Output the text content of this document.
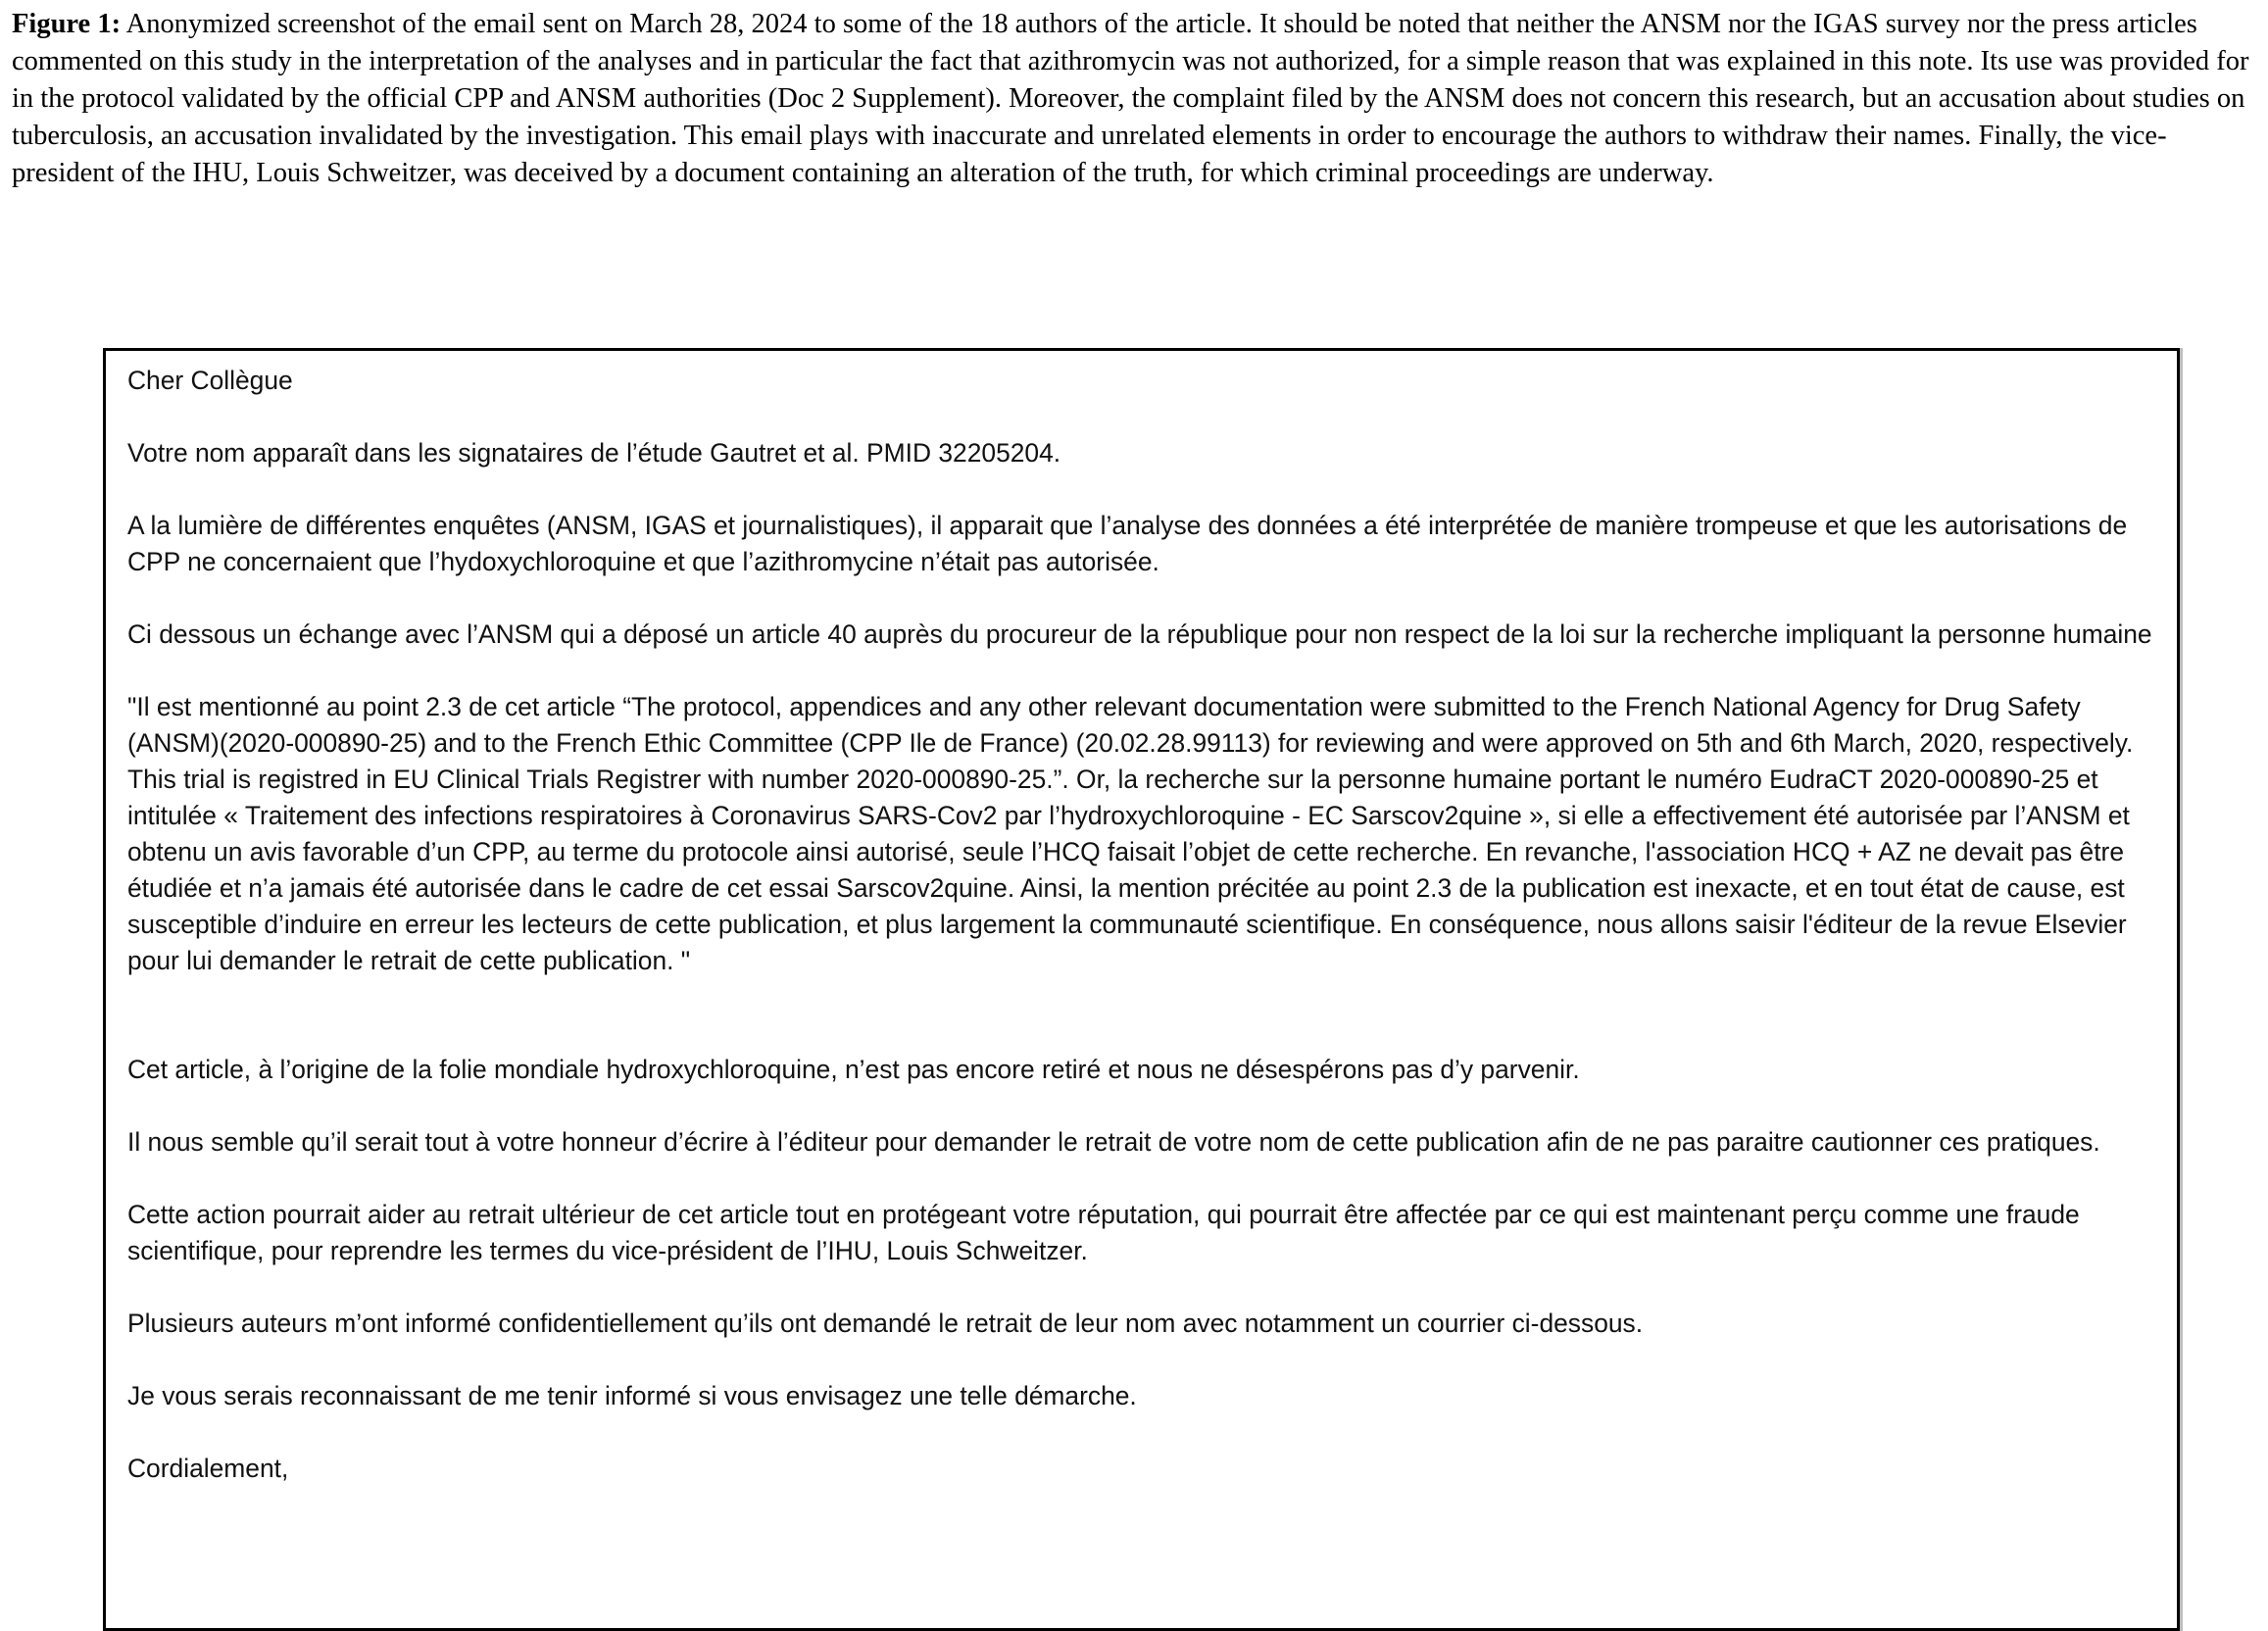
Figure 1: Anonymized screenshot of the email sent on March 28, 2024 to some of the 18 authors of the article. It should be noted that neither the ANSM nor the IGAS survey nor the press articles commented on this study in the interpretation of the analyses and in particular the fact that azithromycin was not authorized, for a simple reason that was explained in this note. Its use was provided for in the protocol validated by the official CPP and ANSM authorities (Doc 2 Supplement). Moreover, the complaint filed by the ANSM does not concern this research, but an accusation about studies on tuberculosis, an accusation invalidated by the investigation. This email plays with inaccurate and unrelated elements in order to encourage the authors to withdraw their names. Finally, the vice-president of the IHU, Louis Schweitzer, was deceived by a document containing an alteration of the truth, for which criminal proceedings are underway.

Cher Collègue

Votre nom apparaît dans les signataires de l’étude Gautret et al. PMID 32205204.

A la lumière de différentes enquêtes (ANSM, IGAS et journalistiques), il apparait que l’analyse des données a été interprétée de manière trompeuse et que les autorisations de CPP ne concernaient que l’hydoxychloroquine et que l’azithromycine n’était pas autorisée.

Ci dessous un échange avec l’ANSM qui a déposé un article 40 auprès du procureur de la république pour non respect de la loi sur la recherche impliquant la personne humaine

"Il est mentionné au point 2.3 de cet article “The protocol, appendices and any other relevant documentation were submitted to the French National Agency for Drug Safety (ANSM)(2020-000890-25) and to the French Ethic Committee (CPP Ile de France) (20.02.28.99113) for reviewing and were approved on 5th and 6th March, 2020, respectively. This trial is registred in EU Clinical Trials Registrer with number 2020-000890-25.”. Or, la recherche sur la personne humaine portant le numéro EudraCT 2020-000890-25 et intitulée « Traitement des infections respiratoires à Coronavirus SARS-Cov2 par l’hydroxychloroquine - EC Sarscov2quine », si elle a effectivement été autorisée par l’ANSM et obtenu un avis favorable d’un CPP, au terme du protocole ainsi autorisé, seule l’HCQ faisait l’objet de cette recherche. En revanche, l'association HCQ + AZ ne devait pas être étudiée et n’a jamais été autorisée dans le cadre de cet essai Sarscov2quine. Ainsi, la mention précitée au point 2.3 de la publication est inexacte, et en tout état de cause, est susceptible d’induire en erreur les lecteurs de cette publication, et plus largement la communauté scientifique. En conséquence, nous allons saisir l'éditeur de la revue Elsevier pour lui demander le retrait de cette publication. "

Cet article, à l’origine de la folie mondiale hydroxychloroquine, n’est pas encore retiré et nous ne désespérons pas d’y parvenir.

Il nous semble qu’il serait tout à votre honneur d’écrire à l’éditeur pour demander le retrait de votre nom de cette publication afin de ne pas paraitre cautionner ces pratiques.

Cette action pourrait aider au retrait ultérieur de cet article tout en protégeant votre réputation, qui pourrait être affectée par ce qui est maintenant perçu comme une fraude scientifique, pour reprendre les termes du vice-président de l’IHU, Louis Schweitzer.

Plusieurs auteurs m’ont informé confidentiellement qu’ils ont demandé le retrait de leur nom avec notamment un courrier ci-dessous.

Je vous serais reconnaissant de me tenir informé si vous envisagez une telle démarche.

Cordialement,
